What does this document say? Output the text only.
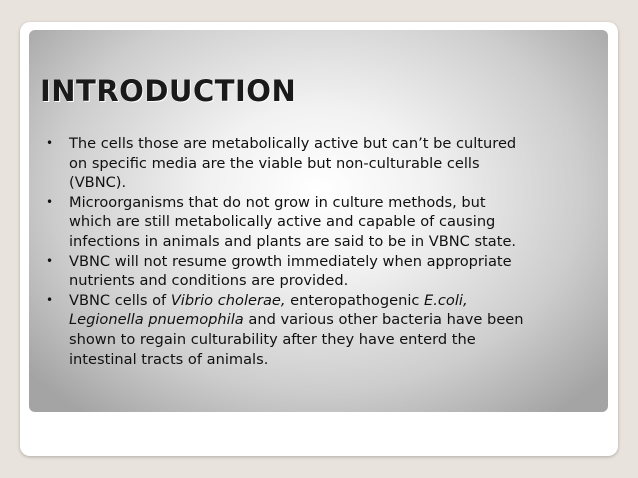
INTRODUCTION
• The cells those are metabolically active but can’t be cultured
on specific media are the viable but non-culturable cells
(VBNC).
• Microorganisms that do not grow in culture methods, but
which are still metabolically active and capable of causing
infections in animals and plants are said to be in VBNC state.
• VBNC will not resume growth immediately when appropriate
nutrients and conditions are provided.
• VBNC cells of Vibrio cholerae, enteropathogenic E.coli,
Legionella pnuemophila and various other bacteria have been
shown to regain culturability after they have enterd the
intestinal tracts of animals.
